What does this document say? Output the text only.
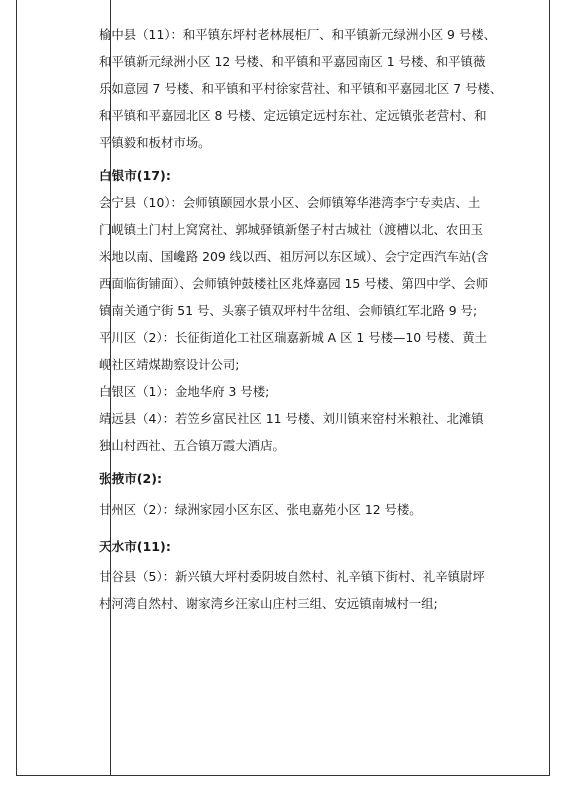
榆中县（11）：和平镇东坪村老林展柜厂、和平镇新元绿洲小区 9 号楼、
和平镇新元绿洲小区 12 号楼、和平镇和平嘉园南区 1 号楼、和平镇薇
乐如意园 7 号楼、和平镇和平村徐家营社、和平镇和平嘉园北区 7 号楼、
和平镇和平嘉园北区 8 号楼、定远镇定远村东社、定远镇张老营村、和
平镇毅和板材市场。
白银市(17):
会宁县（10）：会师镇颐园水景小区、会师镇筹华港湾李宁专卖店、土
门岘镇土门村上窝窝社、郭城驿镇新堡子村古城社（渡槽以北、农田玉
米地以南、国巉路 209 线以西、祖厉河以东区域）、会宁定西汽车站(含
西面临街铺面）、会师镇钟鼓楼社区兆烽嘉园 15 号楼、第四中学、会师
镇南关通宁街 51 号、头寨子镇双坪村牛岔组、会师镇红军北路 9 号;
平川区（2）：长征街道化工社区瑞嘉新城 A 区 1 号楼—10 号楼、黄土
岘社区靖煤勘察设计公司;
白银区（1）：金地华府 3 号楼;
靖远县（4）：若笠乡富民社区 11 号楼、刘川镇来窑村米粮社、北滩镇
独山村西社、五合镇万霞大酒店。
张掖市(2):
甘州区（2）：绿洲家园小区东区、张电嘉苑小区 12 号楼。
天水市(11):
甘谷县（5）：新兴镇大坪村委阴坡自然村、礼辛镇下街村、礼辛镇尉坪
村河湾自然村、谢家湾乡汪家山庄村三组、安远镇南城村一组;
